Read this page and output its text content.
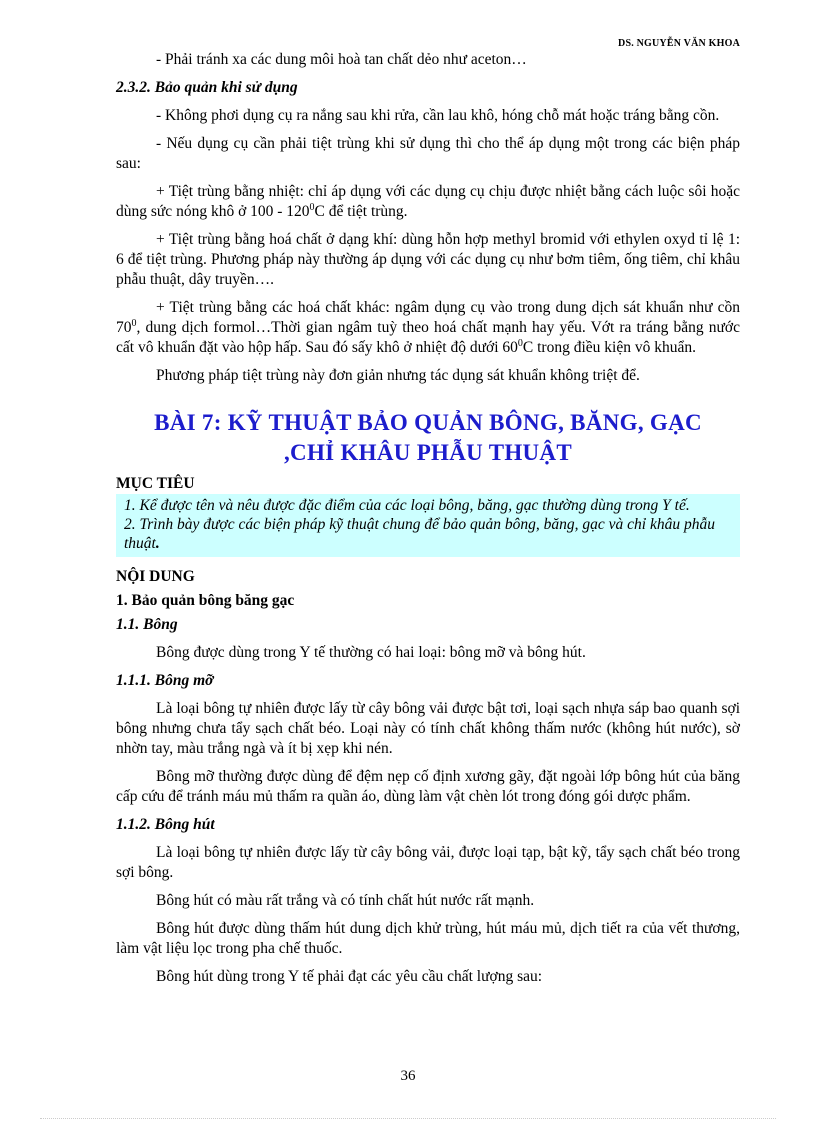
DS. NGUYỄN VĂN KHOA

- Phải tránh xa các dung môi hoà tan chất dẻo như aceton…

2.3.2. Bảo quản khi sử dụng

- Không phơi dụng cụ ra nắng sau khi rửa, cần lau khô, hóng chỗ mát hoặc tráng bằng cồn.

- Nếu dụng cụ cần phải tiệt trùng khi sử dụng thì cho thể áp dụng một trong các biện pháp sau:

+ Tiệt trùng bằng nhiệt: chỉ áp dụng với các dụng cụ chịu được nhiệt bằng cách luộc sôi hoặc dùng sức nóng khô ở $100 - 120^0C$ để tiệt trùng.

+ Tiệt trùng bằng hoá chất ở dạng khí: dùng hỗn hợp methyl bromid với ethylen oxyd tỉ lệ 1: 6 để tiệt trùng. Phương pháp này thường áp dụng với các dụng cụ như bơm tiêm, ống tiêm, chỉ khâu phẫu thuật, dây truyền….

+ Tiệt trùng bằng các hoá chất khác: ngâm dụng cụ vào trong dung dịch sát khuẩn như cồn $70^0$, dung dịch formol…Thời gian ngâm tuỳ theo hoá chất mạnh hay yếu. Vớt ra tráng bằng nước cất vô khuẩn đặt vào hộp hấp. Sau đó sấy khô ở nhiệt độ dưới $60^0C$ trong điều kiện vô khuẩn.

Phương pháp tiệt trùng này đơn giản nhưng tác dụng sát khuẩn không triệt để.

BÀI 7: KỸ THUẬT BẢO QUẢN BÔNG, BĂNG, GẠC
,CHỈ KHÂU PHẪU THUẬT
MỤC TIÊU
1. Kể được tên và nêu được đặc điểm của các loại bông, băng, gạc thường dùng trong Y tế.
2. Trình bày được các biện pháp kỹ thuật chung để bảo quản bông, băng, gạc và chỉ khâu phẫu thuật.
NỘI DUNG
1. Bảo quản bông băng gạc
1.1. Bông

Bông được dùng trong Y tế thường có hai loại: bông mỡ và bông hút.

1.1.1. Bông mỡ

Là loại bông tự nhiên được lấy từ cây bông vải được bật tơi, loại sạch nhựa sáp bao quanh sợi bông nhưng chưa tẩy sạch chất béo. Loại này có tính chất không thấm nước (không hút nước), sờ nhờn tay, màu trắng ngà và ít bị xẹp khi nén.

Bông mỡ thường được dùng để đệm nẹp cố định xương gãy, đặt ngoài lớp bông hút của băng cấp cứu để tránh máu mủ thấm ra quần áo, dùng làm vật chèn lót trong đóng gói dược phẩm.

1.1.2. Bông hút

Là loại bông tự nhiên được lấy từ cây bông vải, được loại tạp, bật kỹ, tẩy sạch chất béo trong sợi bông.

Bông hút có màu rất trắng và có tính chất hút nước rất mạnh.

Bông hút được dùng thấm hút dung dịch khử trùng, hút máu mủ, dịch tiết ra của vết thương, làm vật liệu lọc trong pha chế thuốc.

Bông hút dùng trong Y tế phải đạt các yêu cầu chất lượng sau:

36
